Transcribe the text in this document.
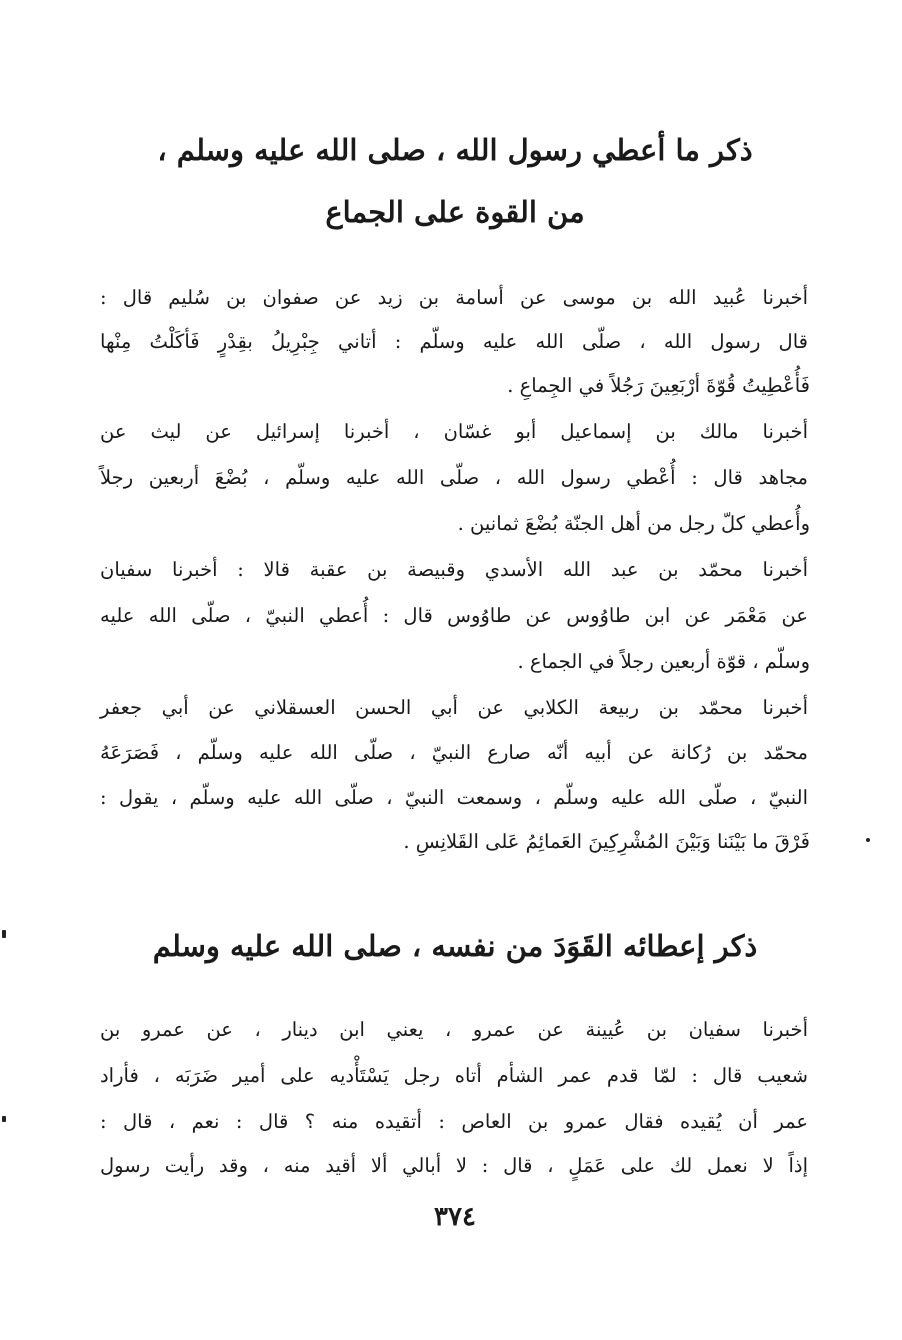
ذكر ما أعطي رسول الله ، صلى الله عليه وسلم ،
من القوة على الجماع
أخبرنا عُبيد الله بن موسى عن أسامة بن زيد عن صفوان بن سُليم قال :
قال رسول الله ، صلّى الله عليه وسلّم : أتاني جِبْرِيلُ بقِدْرٍ فَأكَلْتُ مِنْها
فَأُعْطِيتُ قُوّةَ أرْبَعِينَ رَجُلاً في الجِماعِ .
أخبرنا مالك بن إسماعيل أبو غسّان ، أخبرنا إسرائيل عن ليث عن
مجاهد قال : أُعْطي رسول الله ، صلّى الله عليه وسلّم ، بُضْعَ أربعين رجلاً
وأُعطي كلّ رجل من أهل الجنّة بُضْعَ ثمانين .
أخبرنا محمّد بن عبد الله الأسدي وقبيصة بن عقبة قالا : أخبرنا سفيان
عن مَعْمَر عن ابن طاوُوس عن طاوُوس قال : أُعطي النبيّ ، صلّى الله عليه
وسلّم ، قوّة أربعين رجلاً في الجماع .
أخبرنا محمّد بن ربيعة الكلابي عن أبي الحسن العسقلاني عن أبي جعفر
محمّد بن رُكانة عن أبيه أنّه صارع النبيّ ، صلّى الله عليه وسلّم ، فَصَرَعَهُ
النبيّ ، صلّى الله عليه وسلّم ، وسمعت النبيّ ، صلّى الله عليه وسلّم ، يقول :
فَرْقَ ما بَيْنَنا وَبَيْنَ المُشْرِكِينَ العَمائِمُ عَلى القَلانِسِ .
ذكر إعطائه القَوَدَ من نفسه ، صلى الله عليه وسلم
أخبرنا سفيان بن عُيينة عن عمرو ، يعني ابن دينار ، عن عمرو بن
شعيب قال : لمّا قدم عمر الشأم أتاه رجل يَسْتَأْديه على أمير ضَرَبَه ، فأراد
عمر أن يُقيده فقال عمرو بن العاص : أتقيده منه ؟ قال : نعم ، قال :
إذاً لا نعمل لك على عَمَلٍ ، قال : لا أبالي ألا أقيد منه ، وقد رأيت رسول
٣٧٤
